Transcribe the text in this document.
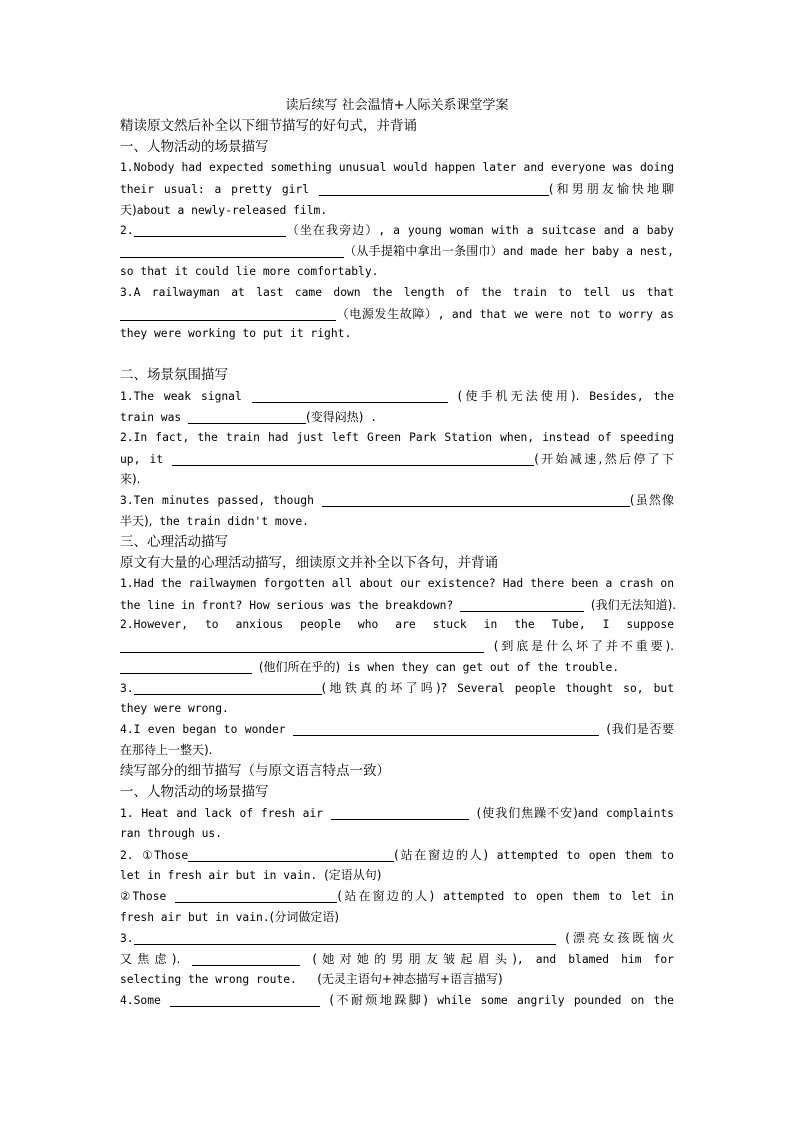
读后续写 社会温情+人际关系课堂学案
精读原文然后补全以下细节描写的好句式，并背诵
一、人物活动的场景描写
1.Nobody had expected something unusual would happen later and everyone was doing
their usual: a pretty girl	(和男朋友愉快地聊
天)about a newly-released film.
2.	（坐在我旁边）, a young woman with a suitcase and a baby
（从手提箱中拿出一条围巾）and made her baby a nest,
so that it could lie more comfortably.
3.A railwayman at last came down the length of the train to tell us that
（电源发生故障）, and that we were not to worry as
they were working to put it right.
二、场景氛围描写
1.The weak signal	(使手机无法使用). Besides, the
train was	(变得闷热) .
2.In fact, the train had just left Green Park Station when, instead of speeding
up, it	(开始减速,然后停了下
来).
3.Ten minutes passed, though	(虽然像
半天), the train didn't move.
三、心理活动描写
原文有大量的心理活动描写，细读原文并补全以下各句，并背诵
1.Had the railwaymen forgotten all about our existence? Had there been a crash on
the line in front? How serious was the breakdown?	(我们无法知道).
2.However, to anxious people who are stuck in the Tube, I suppose
(到底是什么坏了并不重要).
(他们所在乎的) is when they can get out of the trouble.
3.	(地铁真的坏了吗)? Several people thought so, but
they were wrong.
4.I even began to wonder	(我们是否要
在那待上一整天).
续写部分的细节描写（与原文语言特点一致）
一、人物活动的场景描写
1. Heat and lack of fresh air	(使我们焦躁不安)and complaints
ran through us.
2. ①Those	(站在窗边的人) attempted to open them to
let in fresh air but in vain. (定语从句)
②Those	(站在窗边的人) attempted to open them to let in
fresh air but in vain.(分词做定语)
3.	(漂亮女孩既恼火
又焦虑).	(她对她的男朋友皱起眉头), and blamed him for
selecting the wrong route. (无灵主语句+神态描写+语言描写)
4.Some	(不耐烦地跺脚) while some angrily pounded on the
